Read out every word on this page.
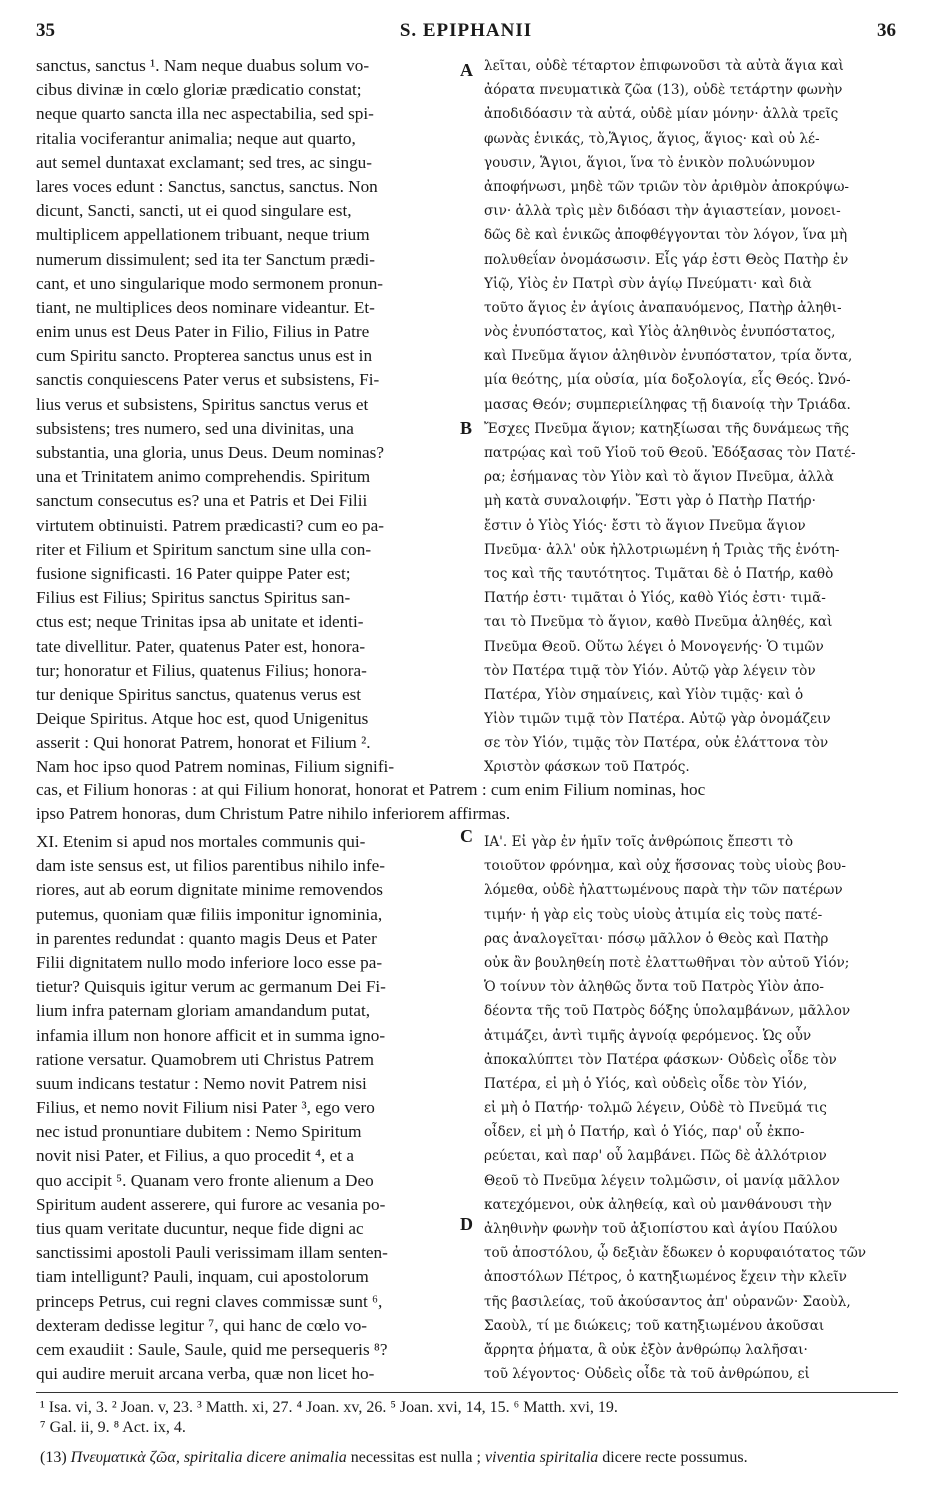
35	S. EPIPHANII	36
sanctus, sanctus ¹. Nam neque duabus solum vo-
cibus divinæ in cœlo gloriæ prædicatio constat;
neque quarto sancta illa nec aspectabilia, sed spi-
ritalia vociferantur animalia; neque aut quarto,
aut semel duntaxat exclamant; sed tres, ac singu-
lares voces edunt : Sanctus, sanctus, sanctus. Non
dicunt, Sancti, sancti, ut ei quod singulare est,
multiplicem appellationem tribuant, neque trium
numerum dissimulent; sed ita ter Sanctum prædi-
cant, et uno singularique modo sermonem pronun-
tiant, ne multiplices deos nominare videantur. Et-
enim unus est Deus Pater in Filio, Filius in Patre
cum Spiritu sancto. Propterea sanctus unus est in
sanctis conquiescens Pater verus et subsistens, Fi-
lius verus et subsistens, Spiritus sanctus verus et
subsistens; tres numero, sed una divinitas, una
substantia, una gloria, unus Deus. Deum nominas?
una et Trinitatem animo comprehendis. Spiritum
sanctum consecutus es? una et Patris et Dei Filii
virtutem obtinuisti. Patrem prædicasti? cum eo pa-
riter et Filium et Spiritum sanctum sine ulla con-
fusione significasti. 16 Pater quippe Pater est;
Filius est Filius; Spiritus sanctus Spiritus san-
ctus est; neque Trinitas ipsa ab unitate et identi-
tate divellitur. Pater, quatenus Pater est, honora-
tur; honoratur et Filius, quatenus Filius; honora-
tur denique Spiritus sanctus, quatenus verus est
Deique Spiritus. Atque hoc est, quod Unigenitus
asserit : Qui honorat Patrem, honorat et Filium ².
Nam hoc ipso quod Patrem nominas, Filium signifi-
λεῖται, οὐδὲ τέταρτον ἐπιφωνοῦσι τὰ αὐτὰ ἅγια καὶ
ἀόρατα πνευματικὰ ζῶα (13), οὐδὲ τετάρτην φωνὴν
ἀποδιδόασιν τὰ αὐτά, οὐδὲ μίαν μόνην· ἀλλὰ τρεῖς
φωνὰς ἑνικάς, τὸ,Ἅγιος, ἅγιος, ἅγιος· καὶ οὐ λέ-
γουσιν, Ἅγιοι, ἅγιοι, ἵνα τὸ ἑνικὸν πολυώνυμον
ἀποφήνωσι, μηδὲ τῶν τριῶν τὸν ἀριθμὸν ἀποκρύψω-
σιν· ἀλλὰ τρὶς μὲν διδόασι τὴν ἁγιαστείαν, μονοει-
δῶς δὲ καὶ ἑνικῶς ἀποφθέγγονται τὸν λόγον, ἵνα μὴ
πολυθεΐαν ὀνομάσωσιν. Εἷς γάρ ἐστι Θεὸς Πατὴρ ἐν
Υἱῷ, Υἱὸς ἐν Πατρὶ σὺν ἁγίῳ Πνεύματι· καὶ διὰ
τοῦτο ἅγιος ἐν ἁγίοις ἀναπαυόμενος, Πατὴρ ἀληθι-
νὸς ἐνυπόστατος, καὶ Υἱὸς ἀληθινὸς ἐνυπόστατος,
καὶ Πνεῦμα ἅγιον ἀληθινὸν ἐνυπόστατον, τρία ὄντα,
μία θεότης, μία οὐσία, μία δοξολογία, εἷς Θεός. Ὠνό-
μασας Θεόν; συμπεριείληφας τῇ διανοίᾳ τὴν Τριάδα.
Ἔσχες Πνεῦμα ἅγιον; κατηξίωσαι τῆς δυνάμεως τῆς
πατρῴας καὶ τοῦ Υἱοῦ τοῦ Θεοῦ. Ἐδόξασας τὸν Πατέ-
ρα; ἐσήμανας τὸν Υἱὸν καὶ τὸ ἅγιον Πνεῦμα, ἀλλὰ
μὴ κατὰ συναλοιφήν. Ἔστι γὰρ ὁ Πατὴρ Πατήρ·
ἔστιν ὁ Υἱὸς Υἱός· ἔστι τὸ ἅγιον Πνεῦμα ἅγιον
Πνεῦμα· ἀλλ' οὐκ ἠλλοτριωμένη ἡ Τριὰς τῆς ἑνότη-
τος καὶ τῆς ταυτότητος. Τιμᾶται δὲ ὁ Πατήρ, καθὸ
Πατήρ ἐστι· τιμᾶται ὁ Υἱός, καθὸ Υἱός ἐστι· τιμᾶ-
ται τὸ Πνεῦμα τὸ ἅγιον, καθὸ Πνεῦμα ἀληθές, καὶ
Πνεῦμα Θεοῦ. Οὕτω λέγει ὁ Μονογενής· Ὁ τιμῶν
τὸν Πατέρα τιμᾷ τὸν Υἱόν. Αὐτῷ γὰρ λέγειν τὸν
Πατέρα, Υἱὸν σημαίνεις, καὶ Υἱὸν τιμᾷς· καὶ ὁ
Υἱὸν τιμῶν τιμᾷ τὸν Πατέρα. Αὐτῷ γὰρ ὀνομάζειν
σε τὸν Υἱόν, τιμᾷς τὸν Πατέρα, οὐκ ἐλάττονα τὸν
Χριστὸν φάσκων τοῦ Πατρός.
A
B
C
D
cas, et Filium honoras : at qui Filium honorat, honorat et Patrem : cum enim Filium nominas, hoc
ipso Patrem honoras, dum Christum Patre nihilo inferiorem affirmas.
XI. Etenim si apud nos mortales communis qui-
dam iste sensus est, ut filios parentibus nihilo infe-
riores, aut ab eorum dignitate minime removendos
putemus, quoniam quæ filiis imponitur ignominia,
in parentes redundat : quanto magis Deus et Pater
Filii dignitatem nullo modo inferiore loco esse pa-
tietur? Quisquis igitur verum ac germanum Dei Fi-
lium infra paternam gloriam amandandum putat,
infamia illum non honore afficit et in summa igno-
ratione versatur. Quamobrem uti Christus Patrem
suum indicans testatur : Nemo novit Patrem nisi
Filius, et nemo novit Filium nisi Pater ³, ego vero
nec istud pronuntiare dubitem : Nemo Spiritum
novit nisi Pater, et Filius, a quo procedit ⁴, et a
quo accipit ⁵. Quanam vero fronte alienum a Deo
Spiritum audent asserere, qui furore ac vesania po-
tius quam veritate ducuntur, neque fide digni ac
sanctissimi apostoli Pauli verissimam illam senten-
tiam intelligunt? Pauli, inquam, cui apostolorum
princeps Petrus, cui regni claves commissæ sunt ⁶,
dexteram dedisse legitur ⁷, qui hanc de cœlo vo-
cem exaudiit : Saule, Saule, quid me persequeris ⁸?
qui audire meruit arcana verba, quæ non licet ho-
ΙΑ'. Εἰ γὰρ ἐν ἡμῖν τοῖς ἀνθρώποις ἔπεστι τὸ
τοιοῦτον φρόνημα, καὶ οὐχ ἥσσονας τοὺς υἱοὺς βου-
λόμεθα, οὐδὲ ἠλαττωμένους παρὰ τὴν τῶν πατέρων
τιμήν· ἡ γὰρ εἰς τοὺς υἱοὺς ἀτιμία εἰς τοὺς πατέ-
ρας ἀναλογεῖται· πόσῳ μᾶλλον ὁ Θεὸς καὶ Πατὴρ
οὐκ ἂν βουληθείη ποτὲ ἐλαττωθῆναι τὸν αὐτοῦ Υἱόν;
Ὁ τοίνυν τὸν ἀληθῶς ὄντα τοῦ Πατρὸς Υἱὸν ἀπο-
δέοντα τῆς τοῦ Πατρὸς δόξης ὑπολαμβάνων, μᾶλλον
ἀτιμάζει, ἀντὶ τιμῆς ἀγνοίᾳ φερόμενος. Ὡς οὖν
ἀποκαλύπτει τὸν Πατέρα φάσκων· Οὐδεὶς οἶδε τὸν
Πατέρα, εἰ μὴ ὁ Υἱός, καὶ οὐδεὶς οἶδε τὸν Υἱόν,
εἰ μὴ ὁ Πατήρ· τολμῶ λέγειν, Οὐδὲ τὸ Πνεῦμά τις
οἶδεν, εἰ μὴ ὁ Πατήρ, καὶ ὁ Υἱός, παρ' οὗ ἐκπο-
ρεύεται, καὶ παρ' οὗ λαμβάνει. Πῶς δὲ ἀλλότριον
Θεοῦ τὸ Πνεῦμα λέγειν τολμῶσιν, οἱ μανίᾳ μᾶλλον
κατεχόμενοι, οὐκ ἀληθείᾳ, καὶ οὐ μανθάνουσι τὴν
ἀληθινὴν φωνὴν τοῦ ἀξιοπίστου καὶ ἁγίου Παύλου
τοῦ ἀποστόλου, ᾧ δεξιὰν ἔδωκεν ὁ κορυφαιότατος τῶν
ἀποστόλων Πέτρος, ὁ κατηξιωμένος ἔχειν τὴν κλεῖν
τῆς βασιλείας, τοῦ ἀκούσαντος ἀπ' οὐρανῶν· Σαοὺλ,
Σαοὺλ, τί με διώκεις; τοῦ κατηξιωμένου ἀκοῦσαι
ἄρρητα ῥήματα, ἃ οὐκ ἐξὸν ἀνθρώπῳ λαλῆσαι·
τοῦ λέγοντος· Οὐδεὶς οἶδε τὰ τοῦ ἀνθρώπου, εἰ
¹ Isa. vi, 3. ² Joan. v, 23. ³ Matth. xi, 27. ⁴ Joan. xv, 26. ⁵ Joan. xvi, 14, 15. ⁶ Matth. xvi, 19.
⁷ Gal. ii, 9. ⁸ Act. ix, 4.
(13) Πνευματικὰ ζῶα, spiritalia dicere animalia necessitas est nulla ; viventia spiritalia dicere recte possumus.
